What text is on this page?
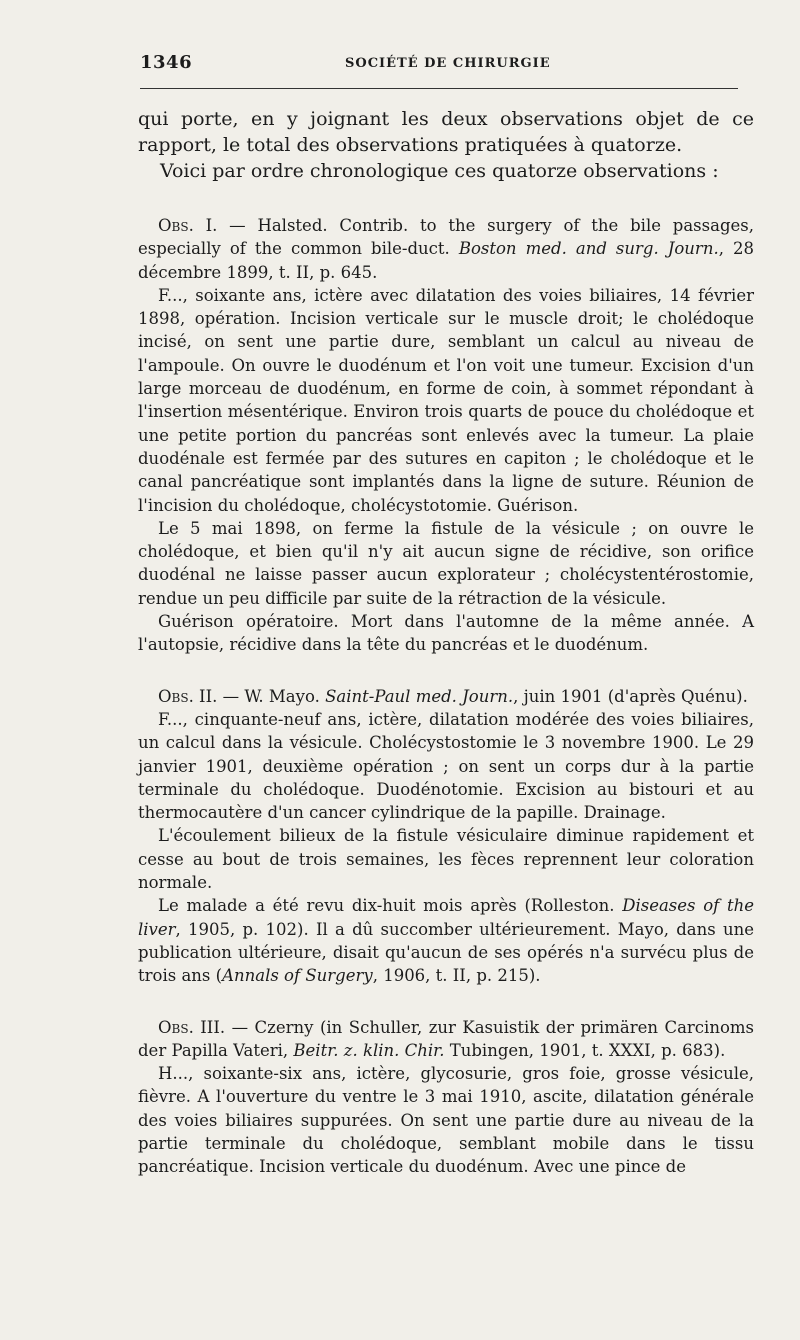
1346	SOCIÉTÉ DE CHIRURGIE

qui porte, en y joignant les deux observations objet de ce rapport, le total des observations pratiquées à quatorze.

Voici par ordre chronologique ces quatorze observations :

Obs. I. — Halsted. Contrib. to the surgery of the bile passages, especially of the common bile-duct. Boston med. and surg. Journ., 28 décembre 1899, t. II, p. 645.

F..., soixante ans, ictère avec dilatation des voies biliaires, 14 février 1898, opération. Incision verticale sur le muscle droit; le cholédoque incisé, on sent une partie dure, semblant un calcul au niveau de l'ampoule. On ouvre le duodénum et l'on voit une tumeur. Excision d'un large morceau de duodénum, en forme de coin, à sommet répondant à l'insertion mésentérique. Environ trois quarts de pouce du cholédoque et une petite portion du pancréas sont enlevés avec la tumeur. La plaie duodénale est fermée par des sutures en capiton ; le cholédoque et le canal pancréatique sont implantés dans la ligne de suture. Réunion de l'incision du cholédoque, cholécystotomie. Guérison.

Le 5 mai 1898, on ferme la fistule de la vésicule ; on ouvre le cholédoque, et bien qu'il n'y ait aucun signe de récidive, son orifice duodénal ne laisse passer aucun explorateur ; cholécystentérostomie, rendue un peu difficile par suite de la rétraction de la vésicule.

Guérison opératoire. Mort dans l'automne de la même année. A l'autopsie, récidive dans la tête du pancréas et le duodénum.

Obs. II. — W. Mayo. Saint-Paul med. Journ., juin 1901 (d'après Quénu).

F..., cinquante-neuf ans, ictère, dilatation modérée des voies biliaires, un calcul dans la vésicule. Cholécystostomie le 3 novembre 1900. Le 29 janvier 1901, deuxième opération ; on sent un corps dur à la partie terminale du cholédoque. Duodénotomie. Excision au bistouri et au thermocautère d'un cancer cylindrique de la papille. Drainage.

L'écoulement bilieux de la fistule vésiculaire diminue rapidement et cesse au bout de trois semaines, les fèces reprennent leur coloration normale.

Le malade a été revu dix-huit mois après (Rolleston. Diseases of the liver, 1905, p. 102). Il a dû succomber ultérieurement. Mayo, dans une publication ultérieure, disait qu'aucun de ses opérés n'a survécu plus de trois ans (Annals of Surgery, 1906, t. II, p. 215).

Obs. III. — Czerny (in Schuller, zur Kasuistik der primären Carcinoms der Papilla Vateri, Beitr. z. klin. Chir. Tubingen, 1901, t. XXXI, p. 683).

H..., soixante-six ans, ictère, glycosurie, gros foie, grosse vésicule, fièvre. A l'ouverture du ventre le 3 mai 1910, ascite, dilatation générale des voies biliaires suppurées. On sent une partie dure au niveau de la partie terminale du cholédoque, semblant mobile dans le tissu pancréatique. Incision verticale du duodénum. Avec une pince de
